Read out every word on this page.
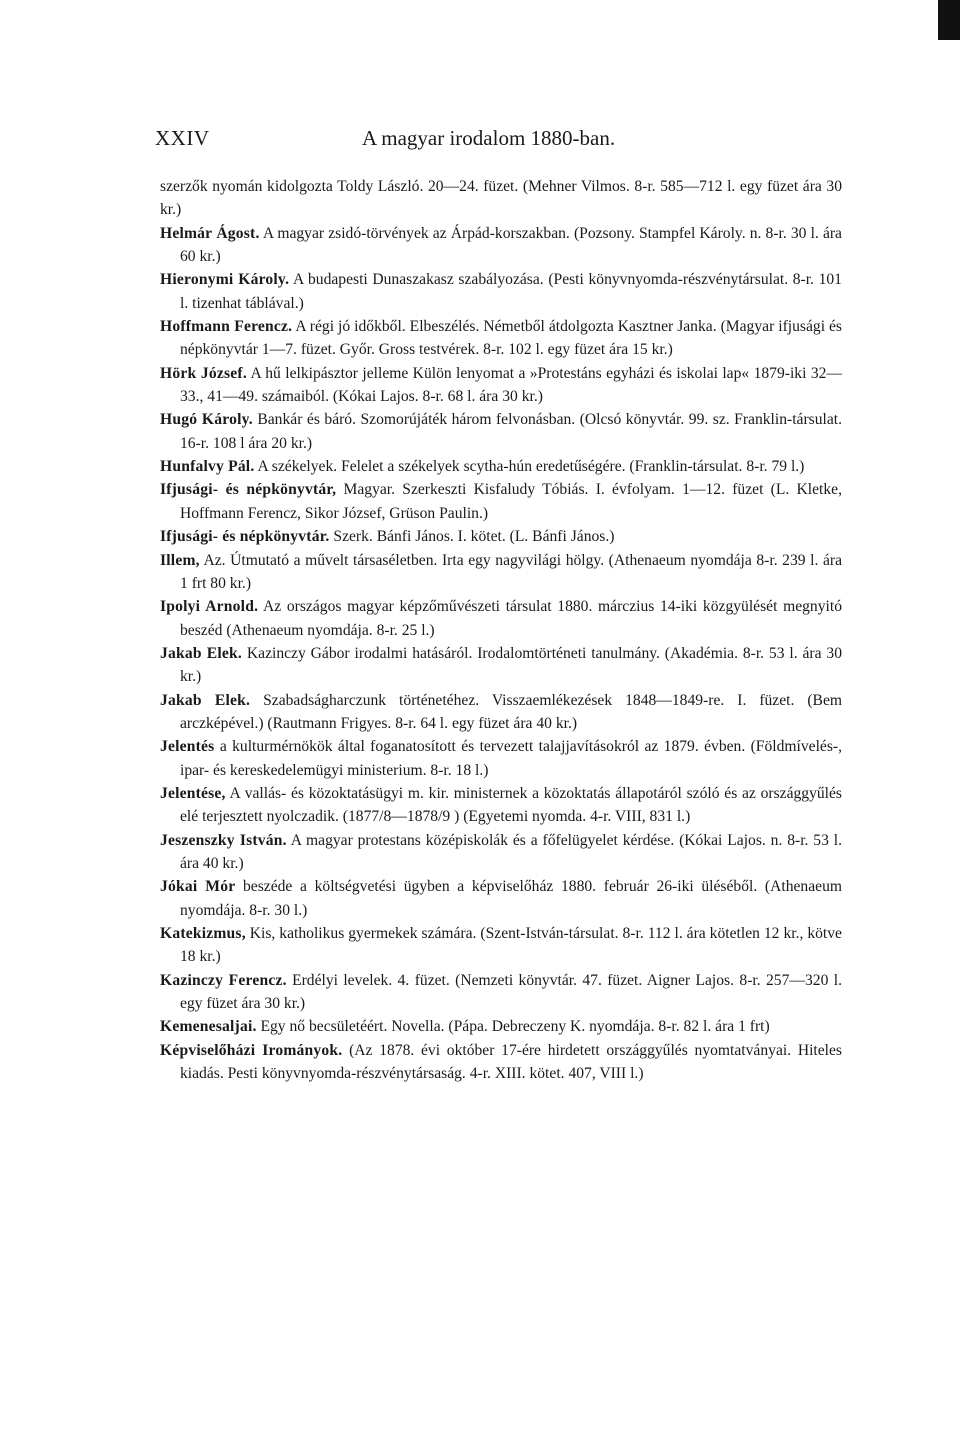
XXIV	A magyar irodalom 1880-ban.

szerzők nyomán kidolgozta Toldy László. 20—24. füzet. (Mehner Vilmos. 8-r. 585—712 l. egy füzet ára 30 kr.)

Helmár Ágost. A magyar zsidó-törvények az Árpád-korszakban. (Pozsony. Stampfel Károly. n. 8-r. 30 l. ára 60 kr.)

Hieronymi Károly. A budapesti Dunaszakasz szabályozása. (Pesti könyvnyomda-részvénytársulat. 8-r. 101 l. tizenhat táblával.)

Hoffmann Ferencz. A régi jó időkből. Elbeszélés. Németből átdolgozta Kasztner Janka. (Magyar ifjusági és népkönyvtár 1—7. füzet. Győr. Gross testvérek. 8-r. 102 l. egy füzet ára 15 kr.)

Hörk József. A hű lelkipásztor jelleme Külön lenyomat a »Protestáns egyházi és iskolai lap« 1879-iki 32—33., 41—49. számaiból. (Kókai Lajos. 8-r. 68 l. ára 30 kr.)

Hugó Károly. Bankár és báró. Szomorújáték három felvonásban. (Olcsó könyvtár. 99. sz. Franklin-társulat. 16-r. 108 l ára 20 kr.)

Hunfalvy Pál. A székelyek. Felelet a székelyek scytha-hún eredetűségére. (Franklin-társulat. 8-r. 79 l.)

Ifjusági- és népkönyvtár, Magyar. Szerkeszti Kisfaludy Tóbiás. I. évfolyam. 1—12. füzet (L. Kletke, Hoffmann Ferencz, Sikor József, Grüson Paulin.)

Ifjusági- és népkönyvtár. Szerk. Bánfi János. I. kötet. (L. Bánfi János.)

Illem, Az. Útmutató a művelt társaséletben. Irta egy nagyvilági hölgy. (Athenaeum nyomdája 8-r. 239 l. ára 1 frt 80 kr.)

Ipolyi Arnold. Az országos magyar képzőművészeti társulat 1880. márczius 14-iki közgyülését megnyitó beszéd (Athenaeum nyomdája. 8-r. 25 l.)

Jakab Elek. Kazinczy Gábor irodalmi hatásáról. Irodalomtörténeti tanulmány. (Akadémia. 8-r. 53 l. ára 30 kr.)

Jakab Elek. Szabadságharczunk történetéhez. Visszaemlékezések 1848—1849-re. I. füzet. (Bem arczképével.) (Rautmann Frigyes. 8-r. 64 l. egy füzet ára 40 kr.)

Jelentés a kulturmérnökök által foganatosított és tervezett talajjavításokról az 1879. évben. (Földmívelés-, ipar- és kereskedelemügyi ministerium. 8-r. 18 l.)

Jelentése, A vallás- és közoktatásügyi m. kir. ministernek a közoktatás állapotáról szóló és az országgyűlés elé terjesztett nyolczadik. (1877/8—1878/9 ) (Egyetemi nyomda. 4-r. VIII, 831 l.)

Jeszenszky István. A magyar protestans középiskolák és a főfelügyelet kérdése. (Kókai Lajos. n. 8-r. 53 l. ára 40 kr.)

Jókai Mór beszéde a költségvetési ügyben a képviselőház 1880. február 26-iki üléséből. (Athenaeum nyomdája. 8-r. 30 l.)

Katekizmus, Kis, katholikus gyermekek számára. (Szent-István-társulat. 8-r. 112 l. ára kötetlen 12 kr., kötve 18 kr.)

Kazinczy Ferencz. Erdélyi levelek. 4. füzet. (Nemzeti könyvtár. 47. füzet. Aigner Lajos. 8-r. 257—320 l. egy füzet ára 30 kr.)

Kemenesaljai. Egy nő becsületéért. Novella. (Pápa. Debreczeny K. nyomdája. 8-r. 82 l. ára 1 frt)

Képviselőházi Irományok. (Az 1878. évi október 17-ére hirdetett országgyűlés nyomtatványai. Hiteles kiadás. Pesti könyvnyomda-részvénytársaság. 4-r. XIII. kötet. 407, VIII l.)
